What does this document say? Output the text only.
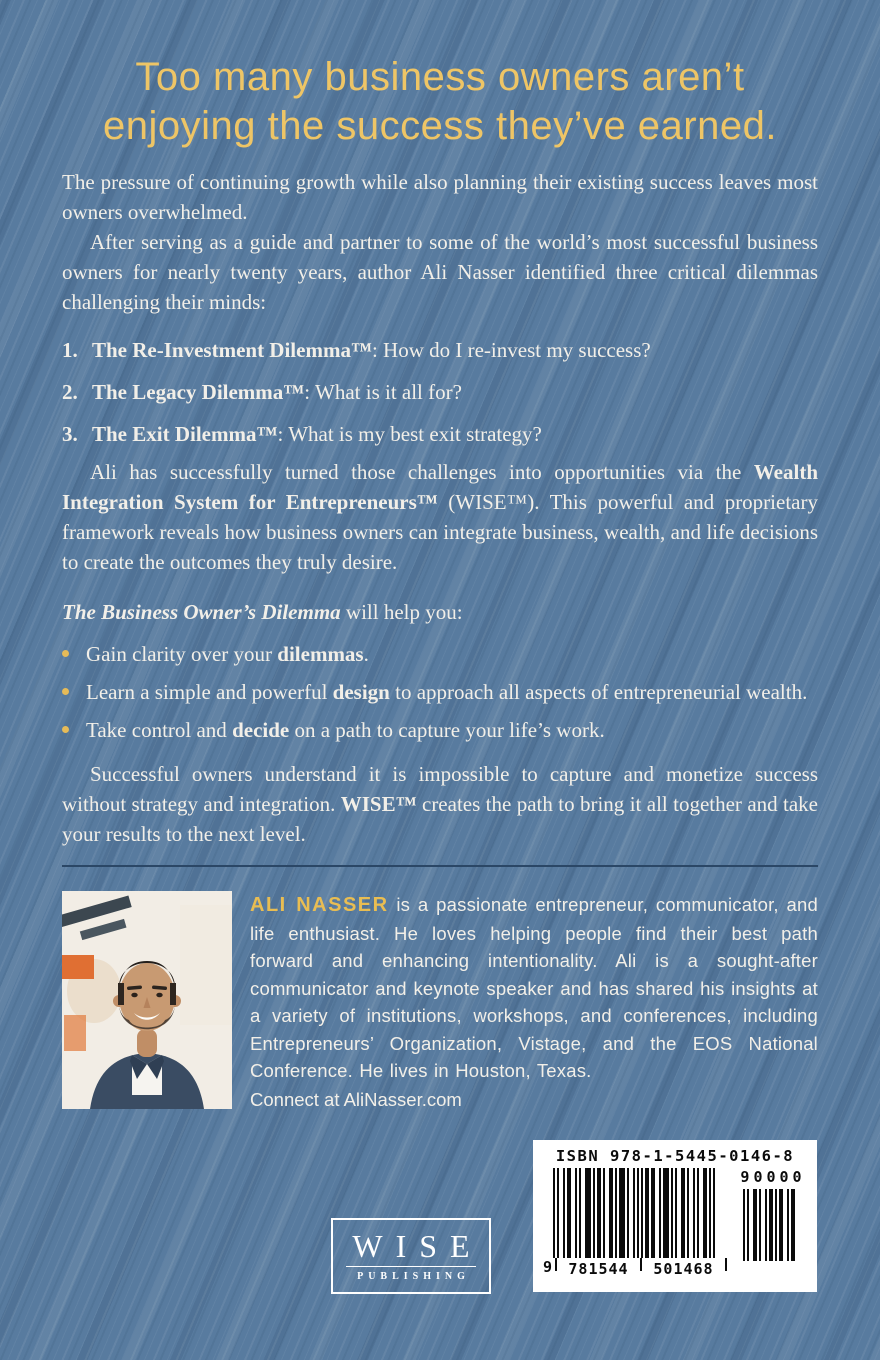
Too many business owners aren’t enjoying the success they’ve earned.

The pressure of continuing growth while also planning their existing success leaves most owners overwhelmed.

After serving as a guide and partner to some of the world’s most successful business owners for nearly twenty years, author Ali Nasser identified three critical dilemmas challenging their minds:

1. The Re-Investment Dilemma™: How do I re-invest my success?
2. The Legacy Dilemma™: What is it all for?
3. The Exit Dilemma™: What is my best exit strategy?

Ali has successfully turned those challenges into opportunities via the Wealth Integration System for Entrepreneurs™ (WISE™). This powerful and proprietary framework reveals how business owners can integrate business, wealth, and life decisions to create the outcomes they truly desire.

The Business Owner’s Dilemma will help you:

Gain clarity over your dilemmas.
Learn a simple and powerful design to approach all aspects of entrepreneurial wealth.
Take control and decide on a path to capture your life’s work.

Successful owners understand it is impossible to capture and monetize success without strategy and integration. WISE™ creates the path to bring it all together and take your results to the next level.

ALI NASSER is a passionate entrepreneur, communicator, and life enthusiast. He loves helping people find their best path forward and enhancing intentionality. Ali is a sought-after communicator and keynote speaker and has shared his insights at a variety of institutions, workshops, and conferences, including Entrepreneurs’ Organization, Vistage, and the EOS National Conference. He lives in Houston, Texas.

Connect at AliNasser.com

ISBN 978-1-5445-0146-8
9	781544	501468
90000
WISE
PUBLISHING
